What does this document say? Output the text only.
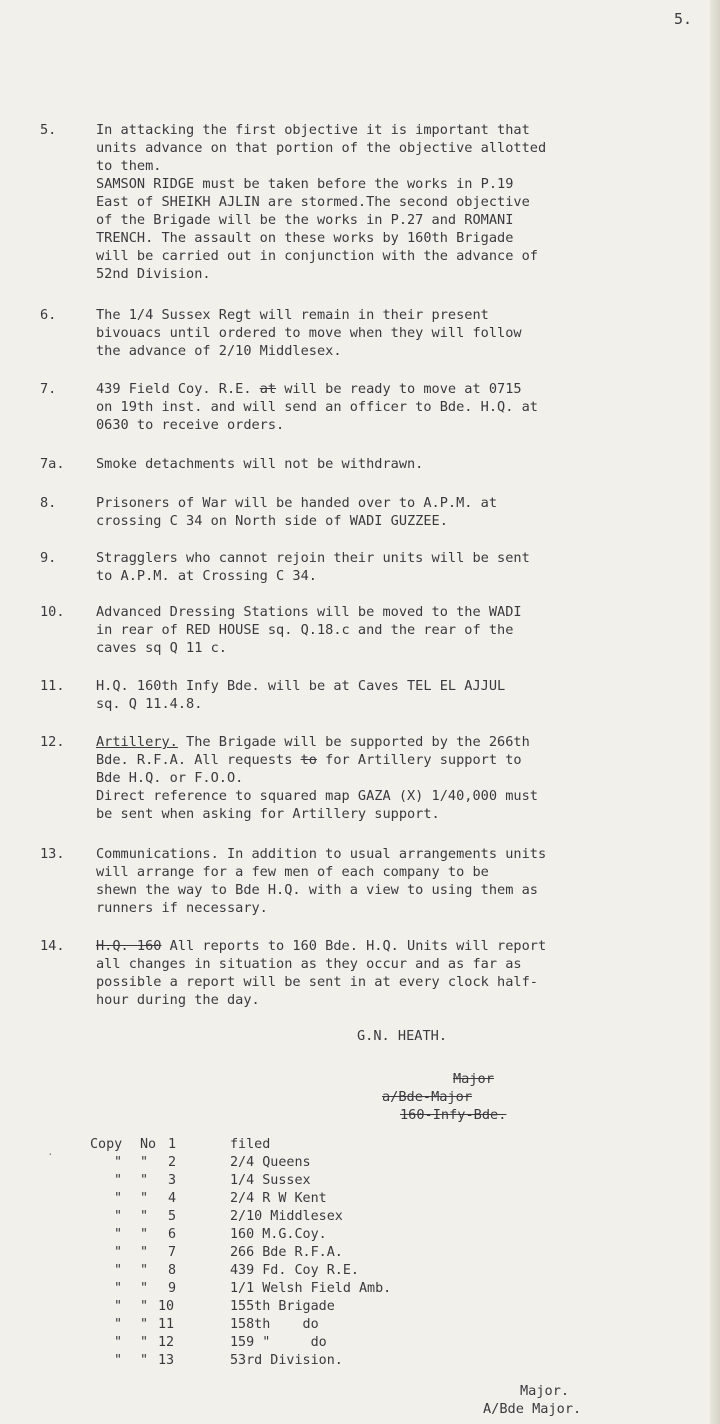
5.
5.	In attacking the first objective it is important that
units advance on that portion of the objective allotted
to them.
SAMSON RIDGE must be taken before the works in P.19
East of SHEIKH AJLIN are stormed.The second objective
of the Brigade will be the works in P.27 and ROMANI
TRENCH. The assault on these works by 160th Brigade
will be carried out in conjunction with the advance of
52nd Division.
6.	The 1/4 Sussex Regt will remain in their present
bivouacs until ordered to move when they will follow
the advance of 2/10 Middlesex.
7.	439 Field Coy. R.E. at will be ready to move at 0715
on 19th inst. and will send an officer to Bde. H.Q. at
0630 to receive orders.
7a. Smoke detachments will not be withdrawn.
8.	Prisoners of War will be handed over to A.P.M. at
crossing C 34 on North side of WADI GUZZEE.
9.	Stragglers who cannot rejoin their units will be sent
to A.P.M. at Crossing C 34.
10. Advanced Dressing Stations will be moved to the WADI
in rear of RED HOUSE sq. Q.18.c and the rear of the
caves sq Q 11 c.
11. H.Q. 160th Infy Bde. will be at Caves TEL EL AJJUL
sq. Q 11.4.8.
12. Artillery. The Brigade will be supported by the 266th
Bde. R.F.A. All requests to for Artillery support to
Bde H.Q. or F.O.O.
Direct reference to squared map GAZA (X) 1/40,000 must
be sent when asking for Artillery support.
13. Communications. In addition to usual arrangements units
will arrange for a few men of each company to be
shewn the way to Bde H.Q. with a view to using them as
runners if necessary.
14. H.Q. 160 All reports to 160 Bde. H.Q. Units will report
all changes in situation as they occur and as far as
possible a report will be sent in at every clock half-
hour during the day.
G.N. HEATH.
Major
a/Bde-Major
160-Infy-Bde.
·
Copy	No 1	filed
"	"	2	2/4 Queens
"	"	3	1/4 Sussex
"	"	4	2/4 R W Kent
"	"	5	2/10 Middlesex
"	"	6	160 M.G.Coy.
"	"	7	266 Bde R.F.A.
"	"	8	439 Fd. Coy R.E.
"	"	9	1/1 Welsh Field Amb.
"	" 10	155th Brigade
"	" 11	158th    do
"	" 12	159 "     do
"	" 13	53rd Division.
Major.
A/Bde Major.
